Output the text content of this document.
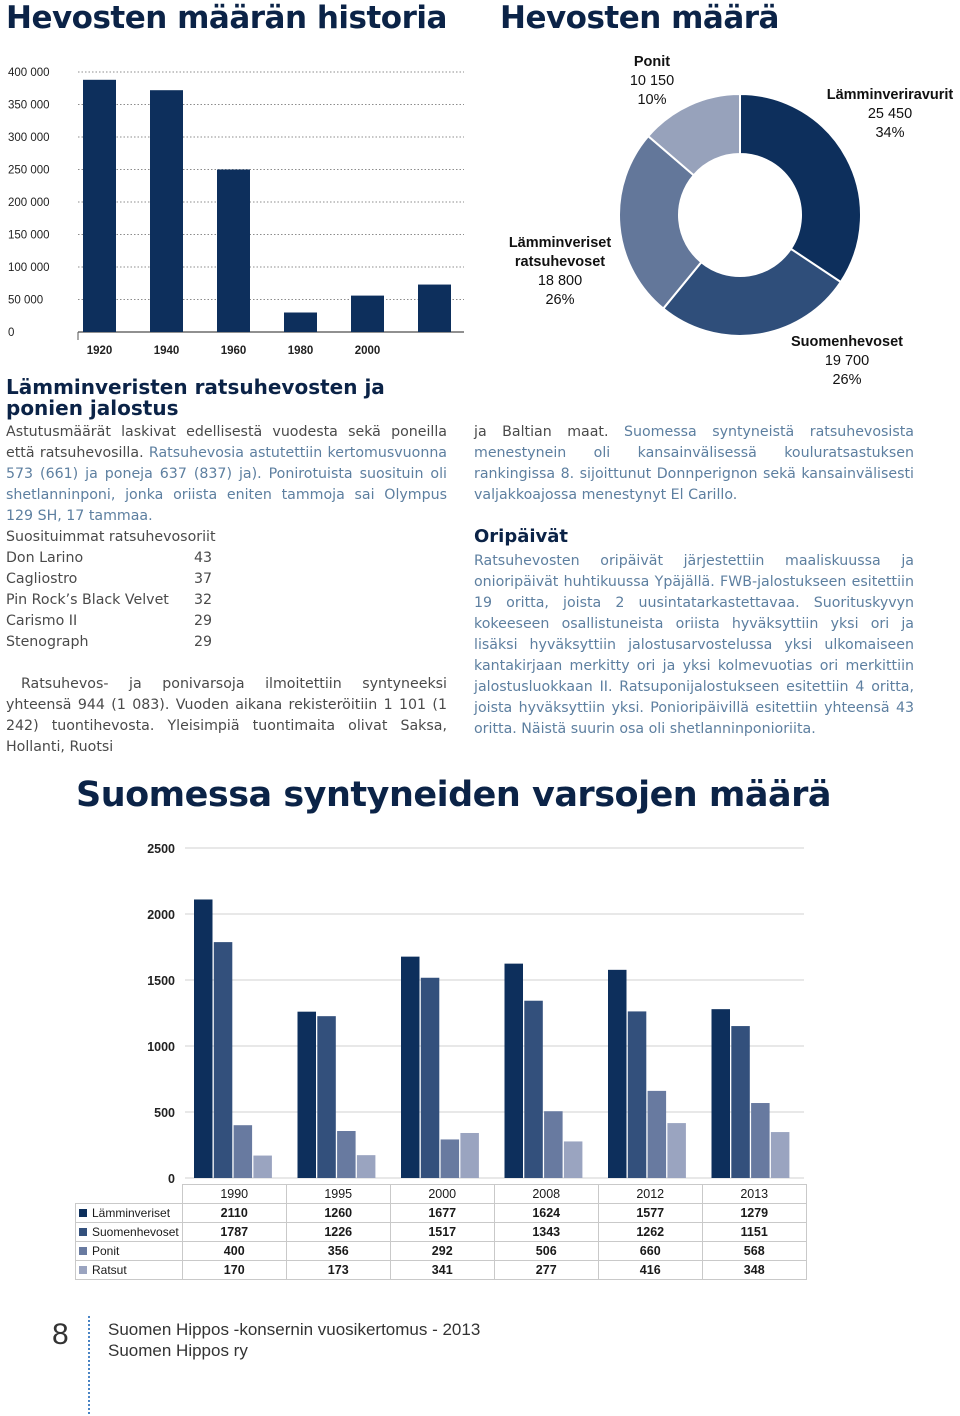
Hevosten määrän historia Hevosten määrä
400 000
350 000
300 000
250 000
200 000
150 000
100 000
50 000
0
1920	1940	1960	1980	2000
Ponit
10 150
10%	Lämminveriravurit
25 450
34%
Lämminveriset
ratsuhevoset
18 800
26%
Suomenhevoset
19 700
26%
Lämminveristen ratsuhevosten ja ponien jalostus

Astutusmäärät laskivat edellisestä vuodesta sekä poneilla että ratsuhevosilla. Ratsuhevosia astutettiin kertomusvuonna 573 (661) ja poneja 637 (837) ja). Ponirotuista suosituin oli shetlanninponi, jonka oriista eniten tammoja sai Olympus 129 SH, 17 tammaa.

Suosituimmat ratsuhevosoriit
Don Larino	43
Cagliostro	37
Pin Rock’s Black Velvet	32
Carismo II	29
Stenograph	29

Ratsuhevos- ja ponivarsoja ilmoitettiin syntyneeksi yhteensä 944 (1 083). Vuoden aikana rekisteröitiin 1 101 (1 242) tuontihevosta. Yleisimpiä tuontimaita olivat Saksa, Hollanti, Ruotsi

ja Baltian maat. Suomessa syntyneistä ratsuhevosista menestynein oli kansainvälisessä kouluratsastuksen rankingissa 8. sijoittunut Donnperignon sekä kansainvälisesti valjakkoajossa menestynyt El Carillo.

Oripäivät

Ratsuhevosten oripäivät järjestettiin maaliskuussa ja onioripäivät huhtikuussa Ypäjällä. FWB-jalostukseen esitettiin 19 oritta, joista 2 uusintatarkastettavaa. Suorituskyvyn kokeeseen osallistuneista oriista hyväksyttiin yksi ori ja lisäksi hyväksyttiin jalostusarvostelussa yksi ulkomaiseen kantakirjaan merkitty ori ja yksi kolmevuotias ori merkittiin jalostusluokkaan II. Ratsuponijalostukseen esitettiin 4 oritta, joista hyväksyttiin yksi. Ponioripäivillä esitettiin yhteensä 43 oritta. Näistä suurin osa oli shetlanninponioriita.

Suomessa syntyneiden varsojen määrä
2500
2000
1500
1000
500
0
	1990	1995	2000	2008	2012	2013
Lämminveriset	2110	1260	1677	1624	1577	1279
Suomenhevoset	1787	1226	1517	1343	1262	1151
Ponit	400	356	292	506	660	568
Ratsut	170	173	341	277	416	348
8 Suomen Hippos -konsernin vuosikertomus - 2013
Suomen Hippos ry
